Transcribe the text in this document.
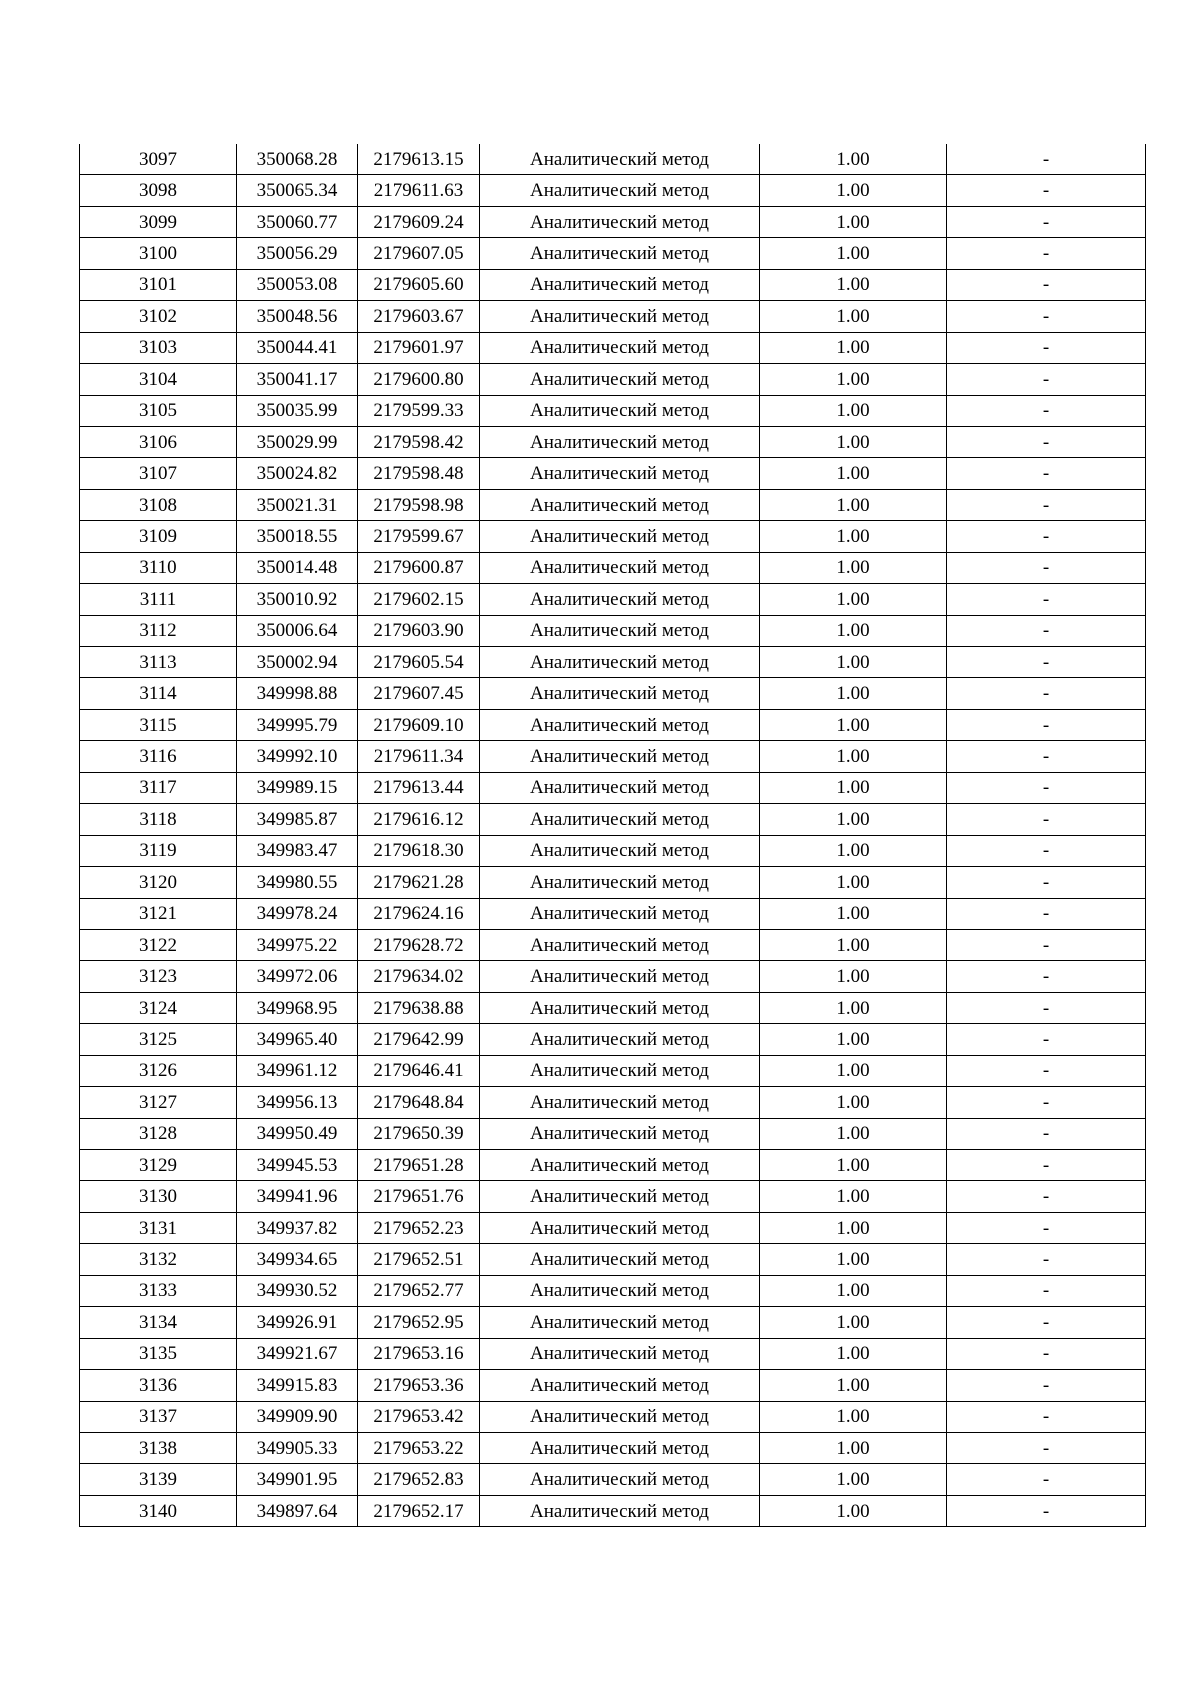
3097	350068.28	2179613.15	Аналитический метод	1.00	-
3098	350065.34	2179611.63	Аналитический метод	1.00	-
3099	350060.77	2179609.24	Аналитический метод	1.00	-
3100	350056.29	2179607.05	Аналитический метод	1.00	-
3101	350053.08	2179605.60	Аналитический метод	1.00	-
3102	350048.56	2179603.67	Аналитический метод	1.00	-
3103	350044.41	2179601.97	Аналитический метод	1.00	-
3104	350041.17	2179600.80	Аналитический метод	1.00	-
3105	350035.99	2179599.33	Аналитический метод	1.00	-
3106	350029.99	2179598.42	Аналитический метод	1.00	-
3107	350024.82	2179598.48	Аналитический метод	1.00	-
3108	350021.31	2179598.98	Аналитический метод	1.00	-
3109	350018.55	2179599.67	Аналитический метод	1.00	-
3110	350014.48	2179600.87	Аналитический метод	1.00	-
3111	350010.92	2179602.15	Аналитический метод	1.00	-
3112	350006.64	2179603.90	Аналитический метод	1.00	-
3113	350002.94	2179605.54	Аналитический метод	1.00	-
3114	349998.88	2179607.45	Аналитический метод	1.00	-
3115	349995.79	2179609.10	Аналитический метод	1.00	-
3116	349992.10	2179611.34	Аналитический метод	1.00	-
3117	349989.15	2179613.44	Аналитический метод	1.00	-
3118	349985.87	2179616.12	Аналитический метод	1.00	-
3119	349983.47	2179618.30	Аналитический метод	1.00	-
3120	349980.55	2179621.28	Аналитический метод	1.00	-
3121	349978.24	2179624.16	Аналитический метод	1.00	-
3122	349975.22	2179628.72	Аналитический метод	1.00	-
3123	349972.06	2179634.02	Аналитический метод	1.00	-
3124	349968.95	2179638.88	Аналитический метод	1.00	-
3125	349965.40	2179642.99	Аналитический метод	1.00	-
3126	349961.12	2179646.41	Аналитический метод	1.00	-
3127	349956.13	2179648.84	Аналитический метод	1.00	-
3128	349950.49	2179650.39	Аналитический метод	1.00	-
3129	349945.53	2179651.28	Аналитический метод	1.00	-
3130	349941.96	2179651.76	Аналитический метод	1.00	-
3131	349937.82	2179652.23	Аналитический метод	1.00	-
3132	349934.65	2179652.51	Аналитический метод	1.00	-
3133	349930.52	2179652.77	Аналитический метод	1.00	-
3134	349926.91	2179652.95	Аналитический метод	1.00	-
3135	349921.67	2179653.16	Аналитический метод	1.00	-
3136	349915.83	2179653.36	Аналитический метод	1.00	-
3137	349909.90	2179653.42	Аналитический метод	1.00	-
3138	349905.33	2179653.22	Аналитический метод	1.00	-
3139	349901.95	2179652.83	Аналитический метод	1.00	-
3140	349897.64	2179652.17	Аналитический метод	1.00	-
